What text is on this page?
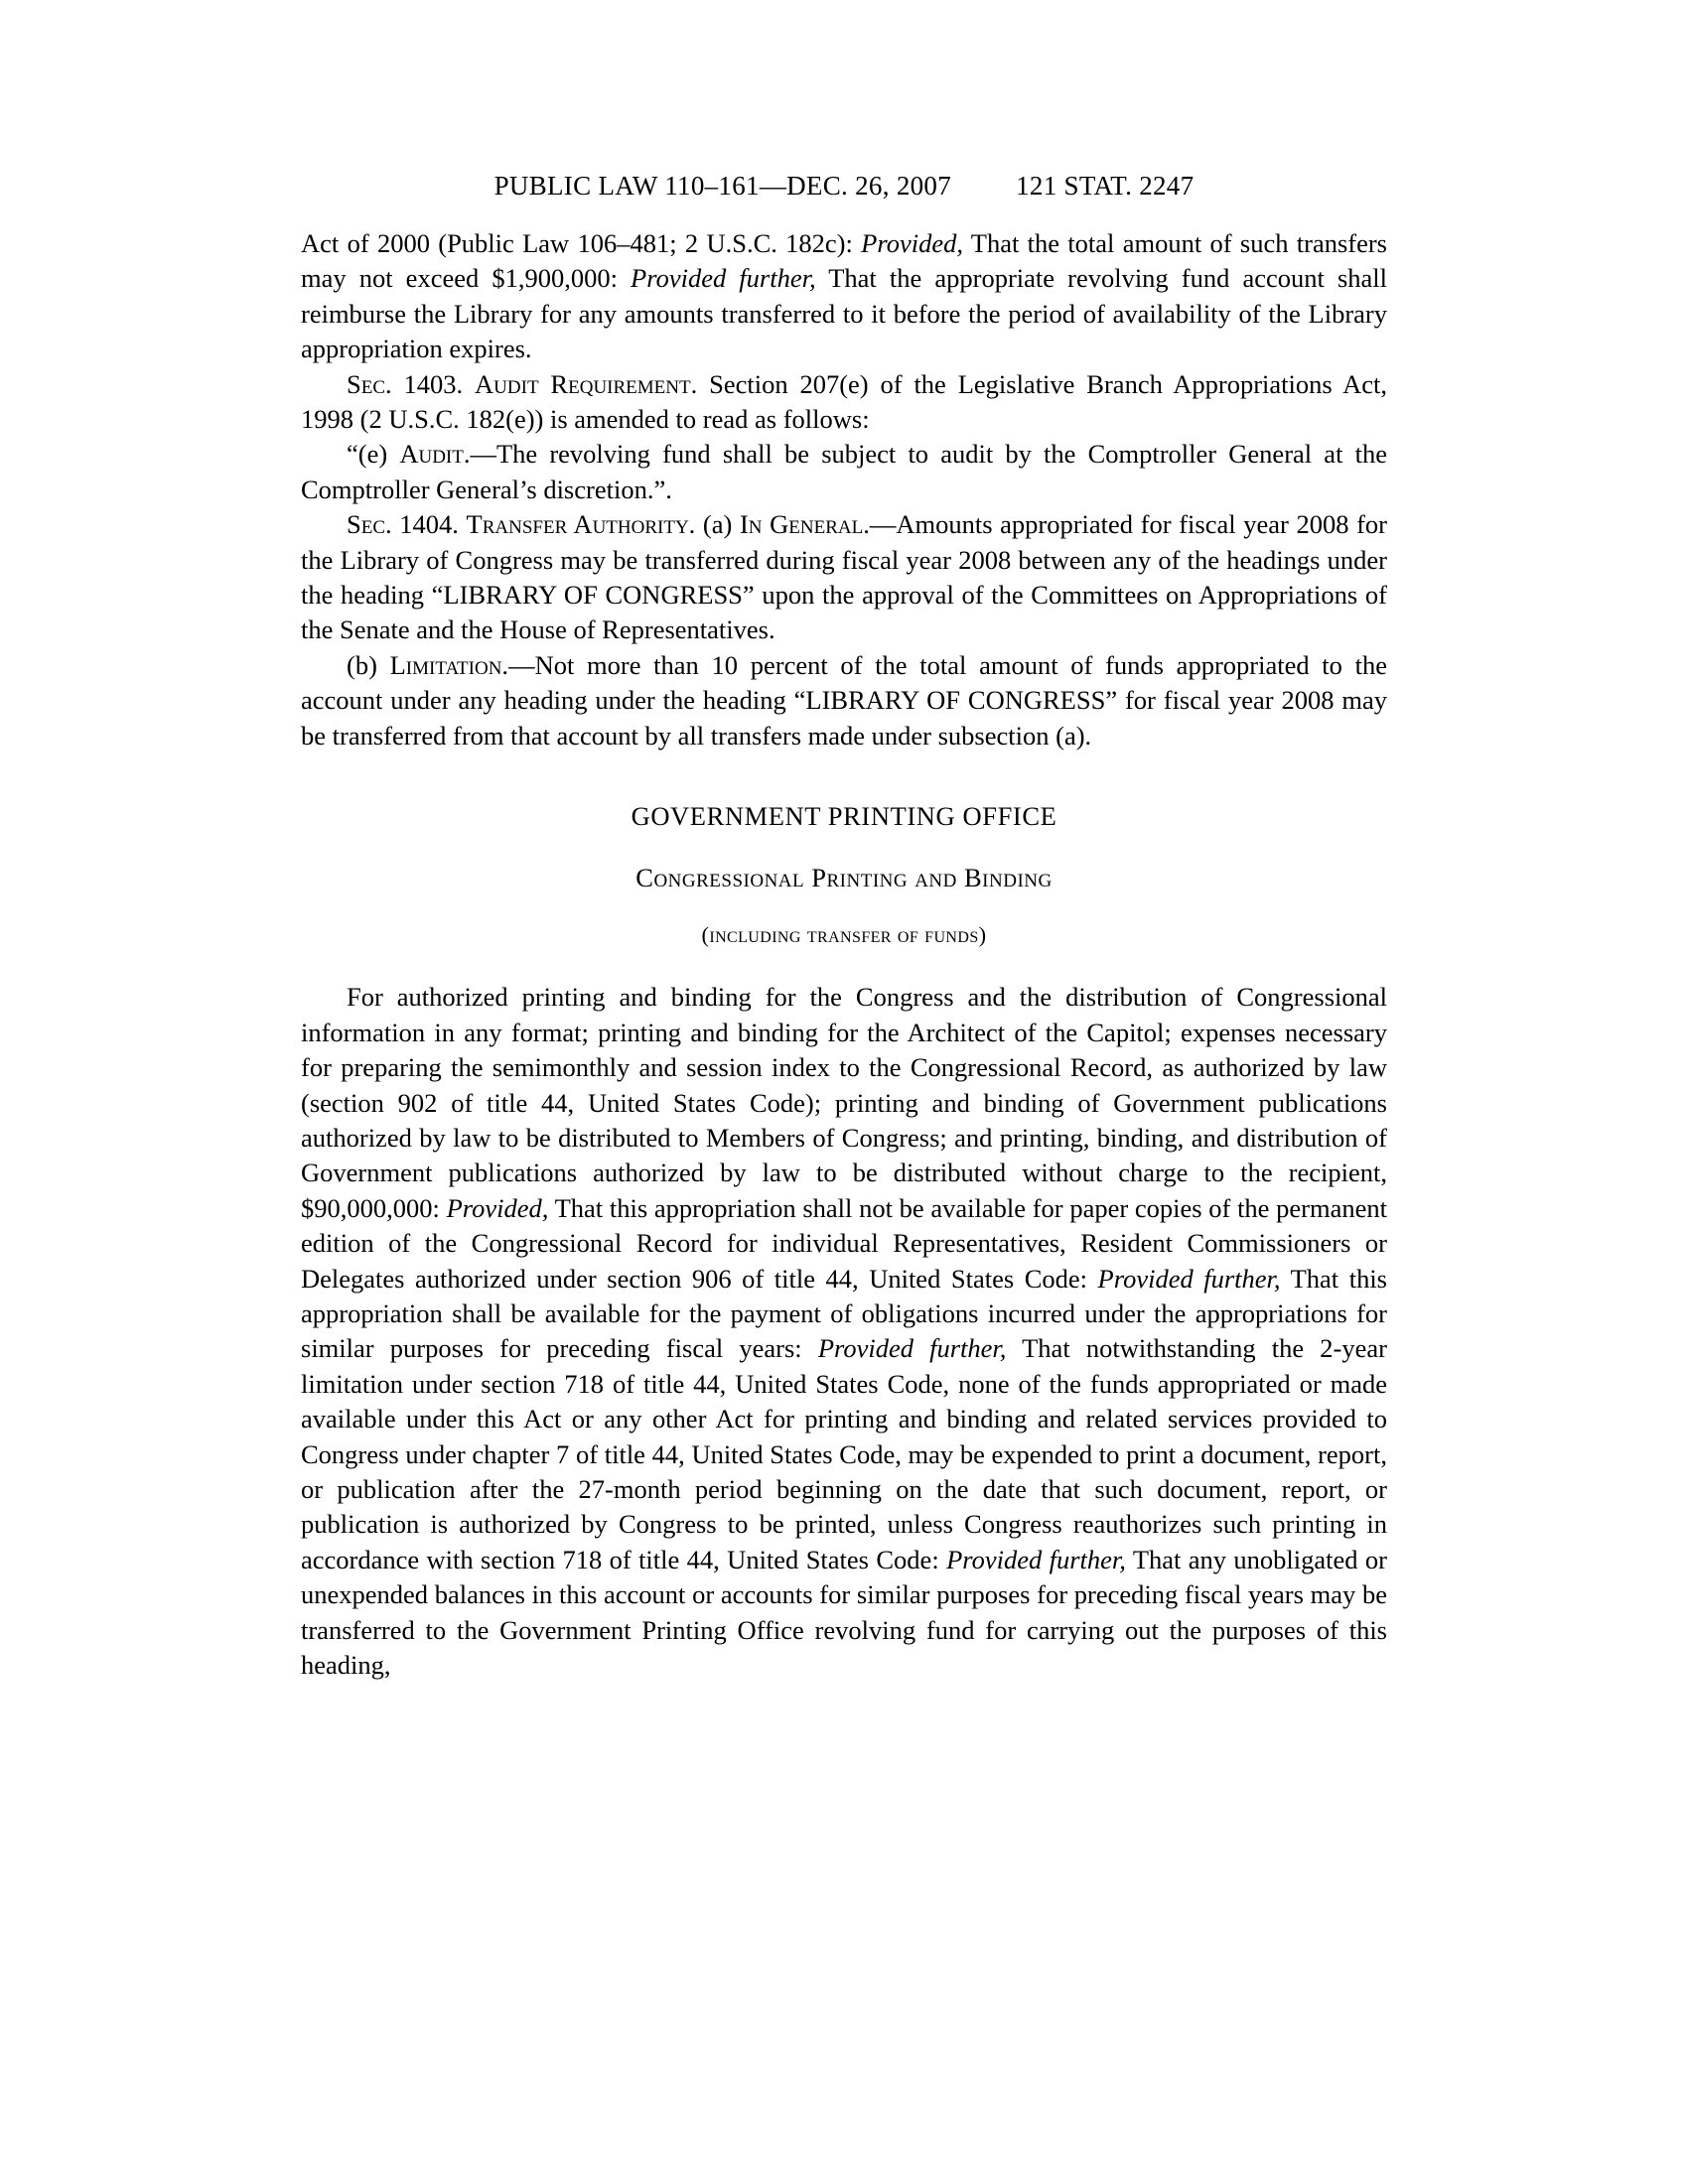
PUBLIC LAW 110–161—DEC. 26, 2007 121 STAT. 2247

Act of 2000 (Public Law 106–481; 2 U.S.C. 182c): Provided, That the total amount of such transfers may not exceed $1,900,000: Provided further, That the appropriate revolving fund account shall reimburse the Library for any amounts transferred to it before the period of availability of the Library appropriation expires.

Sec. 1403. Audit Requirement. Section 207(e) of the Legislative Branch Appropriations Act, 1998 (2 U.S.C. 182(e)) is amended to read as follows:

“(e) Audit.—The revolving fund shall be subject to audit by the Comptroller General at the Comptroller General’s discretion.”.

Sec. 1404. Transfer Authority. (a) In General.—Amounts appropriated for fiscal year 2008 for the Library of Congress may be transferred during fiscal year 2008 between any of the headings under the heading “LIBRARY OF CONGRESS” upon the approval of the Committees on Appropriations of the Senate and the House of Representatives.

(b) Limitation.—Not more than 10 percent of the total amount of funds appropriated to the account under any heading under the heading “LIBRARY OF CONGRESS” for fiscal year 2008 may be transferred from that account by all transfers made under subsection (a).

GOVERNMENT PRINTING OFFICE

Congressional Printing and Binding

(including transfer of funds)

For authorized printing and binding for the Congress and the distribution of Congressional information in any format; printing and binding for the Architect of the Capitol; expenses necessary for preparing the semimonthly and session index to the Congressional Record, as authorized by law (section 902 of title 44, United States Code); printing and binding of Government publications authorized by law to be distributed to Members of Congress; and printing, binding, and distribution of Government publications authorized by law to be distributed without charge to the recipient, $90,000,000: Provided, That this appropriation shall not be available for paper copies of the permanent edition of the Congressional Record for individual Representatives, Resident Commissioners or Delegates authorized under section 906 of title 44, United States Code: Provided further, That this appropriation shall be available for the payment of obligations incurred under the appropriations for similar purposes for preceding fiscal years: Provided further, That notwithstanding the 2-year limitation under section 718 of title 44, United States Code, none of the funds appropriated or made available under this Act or any other Act for printing and binding and related services provided to Congress under chapter 7 of title 44, United States Code, may be expended to print a document, report, or publication after the 27-month period beginning on the date that such document, report, or publication is authorized by Congress to be printed, unless Congress reauthorizes such printing in accordance with section 718 of title 44, United States Code: Provided further, That any unobligated or unexpended balances in this account or accounts for similar purposes for preceding fiscal years may be transferred to the Government Printing Office revolving fund for carrying out the purposes of this heading,
